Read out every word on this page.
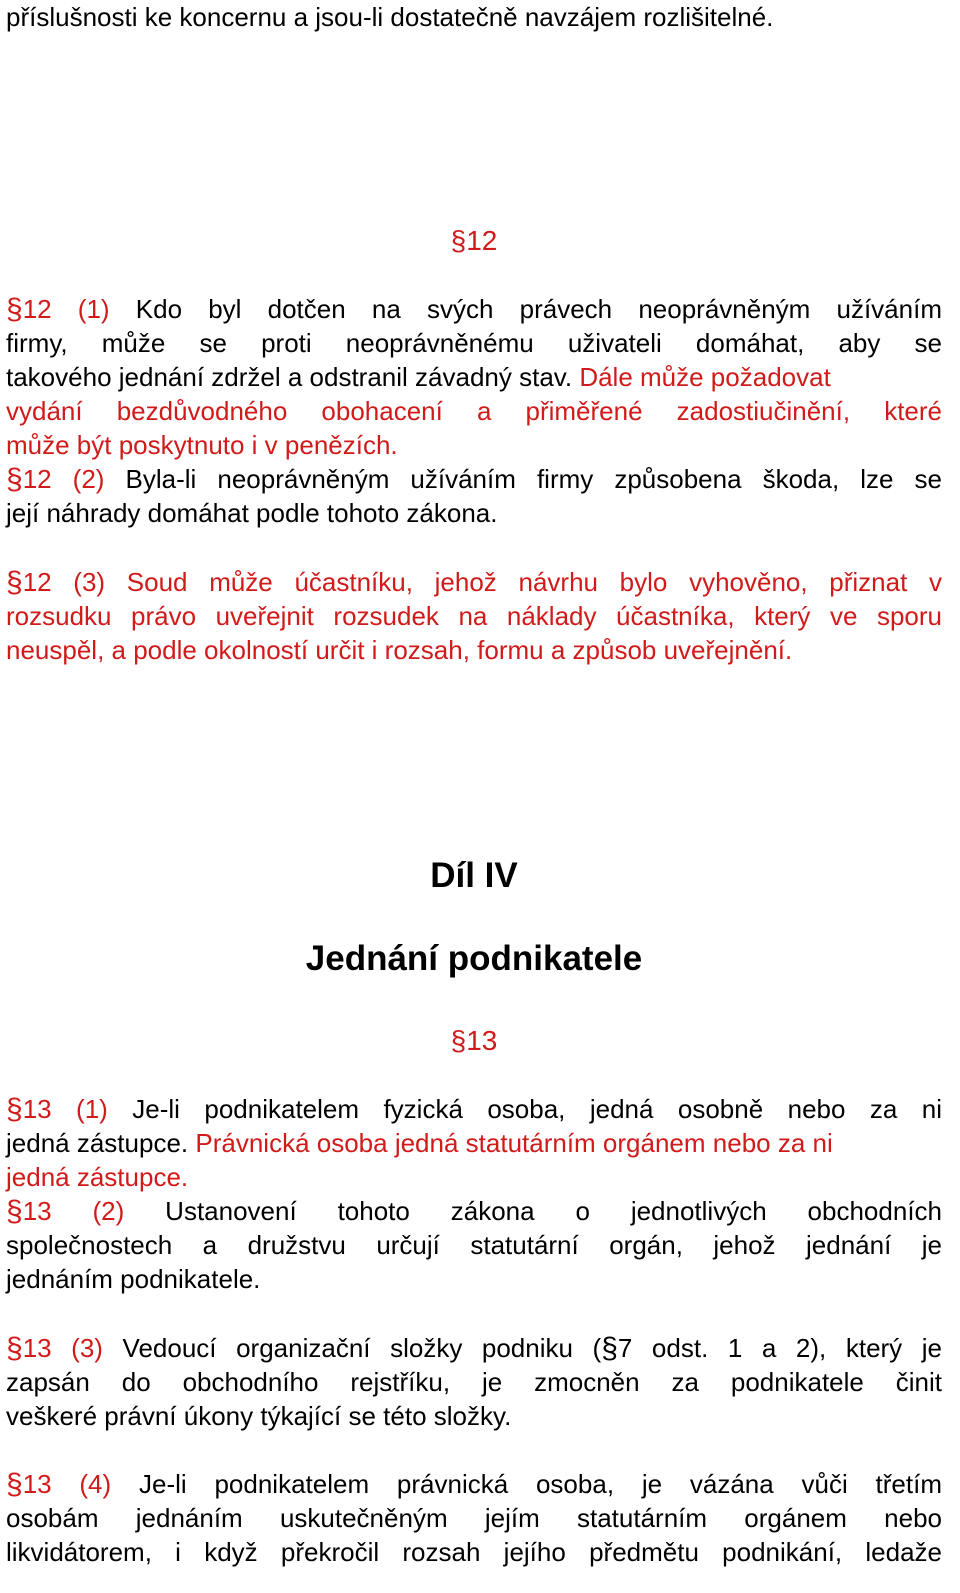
příslušnosti ke koncernu a jsou-li dostatečně navzájem rozlišitelné.
§12
§12 (1) Kdo byl dotčen na svých právech neoprávněným užíváním
firmy, může se proti neoprávněnému uživateli domáhat, aby se
takového jednání zdržel a odstranil závadný stav. Dále může požadovat
vydání bezdůvodného obohacení a přiměřené zadostiučinění, které
může být poskytnuto i v penězích.
§12 (2) Byla-li neoprávněným užíváním firmy způsobena škoda, lze se
její náhrady domáhat podle tohoto zákona.
§12 (3) Soud může účastníku, jehož návrhu bylo vyhověno, přiznat v
rozsudku právo uveřejnit rozsudek na náklady účastníka, který ve sporu
neuspěl, a podle okolností určit i rozsah, formu a způsob uveřejnění.
Díl IV
Jednání podnikatele
§13
§13 (1) Je-li podnikatelem fyzická osoba, jedná osobně nebo za ni
jedná zástupce. Právnická osoba jedná statutárním orgánem nebo za ni
jedná zástupce.
§13 (2) Ustanovení tohoto zákona o jednotlivých obchodních
společnostech a družstvu určují statutární orgán, jehož jednání je
jednáním podnikatele.
§13 (3) Vedoucí organizační složky podniku (§7 odst. 1 a 2), který je
zapsán do obchodního rejstříku, je zmocněn za podnikatele činit
veškeré právní úkony týkající se této složky.
§13 (4) Je-li podnikatelem právnická osoba, je vázána vůči třetím
osobám jednáním uskutečněným jejím statutárním orgánem nebo
likvidátorem, i když překročil rozsah jejího předmětu podnikání, ledaže
